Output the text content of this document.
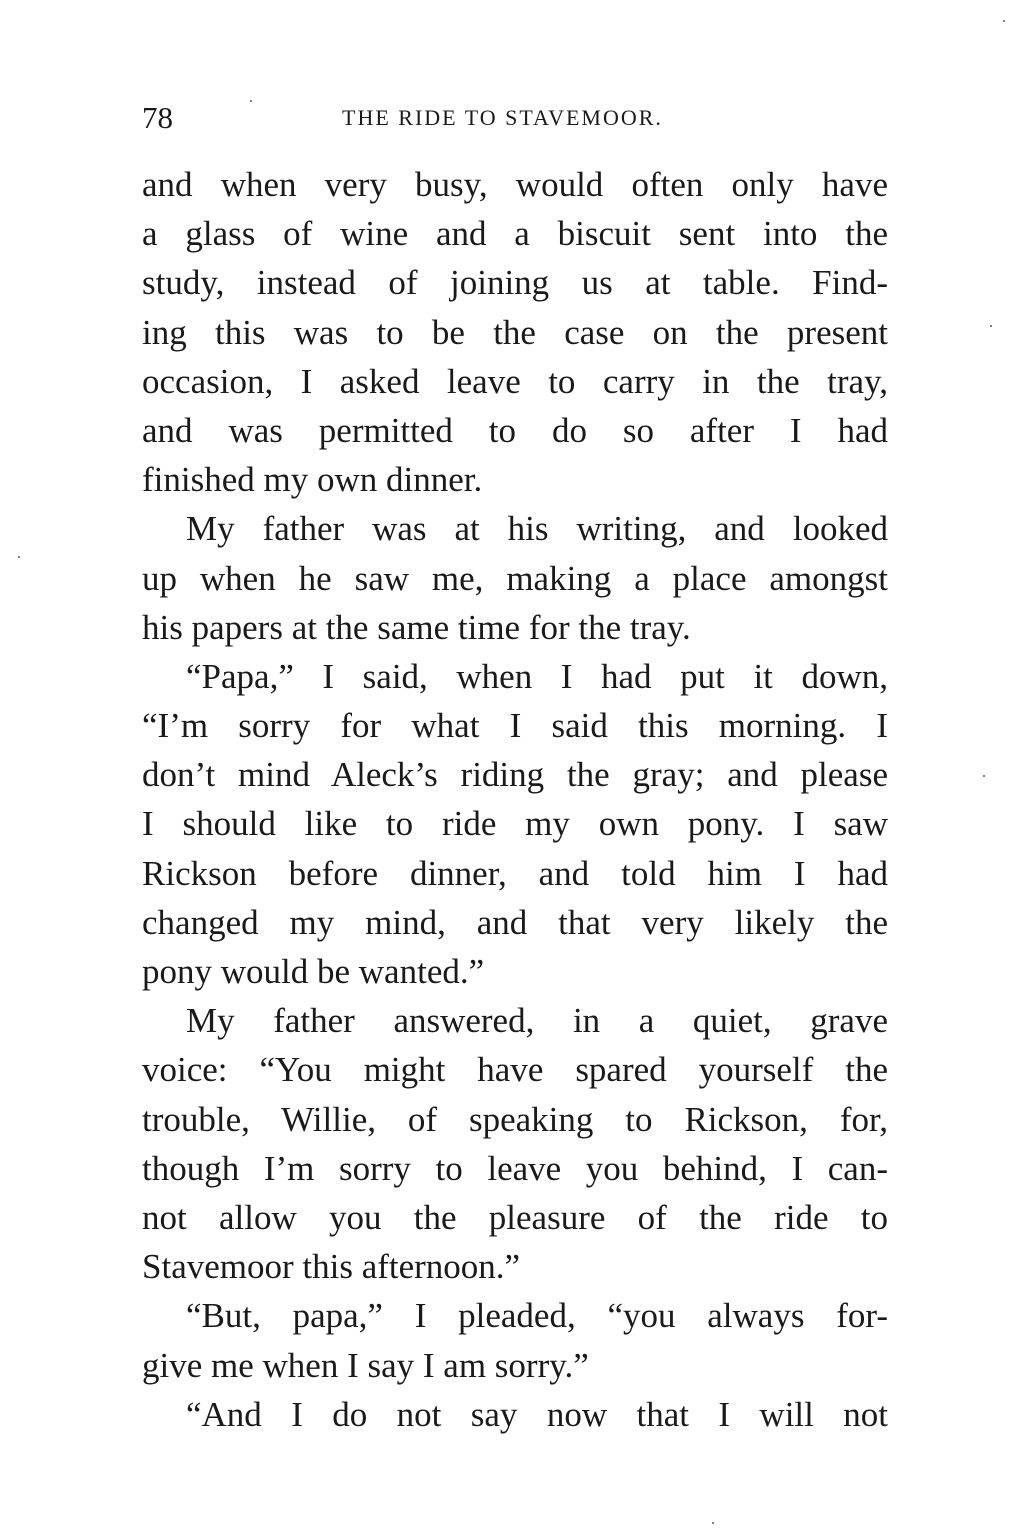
78	THE RIDE TO STAVEMOOR.
and when very busy, would often only have
a glass of wine and a biscuit sent into the
study, instead of joining us at table. Find-
ing this was to be the case on the present
occasion, I asked leave to carry in the tray,
and was permitted to do so after I had
finished my own dinner.
My father was at his writing, and looked
up when he saw me, making a place amongst
his papers at the same time for the tray.
“Papa,” I said, when I had put it down,
“I’m sorry for what I said this morning. I
don’t mind Aleck’s riding the gray; and please
I should like to ride my own pony. I saw
Rickson before dinner, and told him I had
changed my mind, and that very likely the
pony would be wanted.”
My father answered, in a quiet, grave
voice: “You might have spared yourself the
trouble, Willie, of speaking to Rickson, for,
though I’m sorry to leave you behind, I can-
not allow you the pleasure of the ride to
Stavemoor this afternoon.”
“But, papa,” I pleaded, “you always for-
give me when I say I am sorry.”
“And I do not say now that I will not
